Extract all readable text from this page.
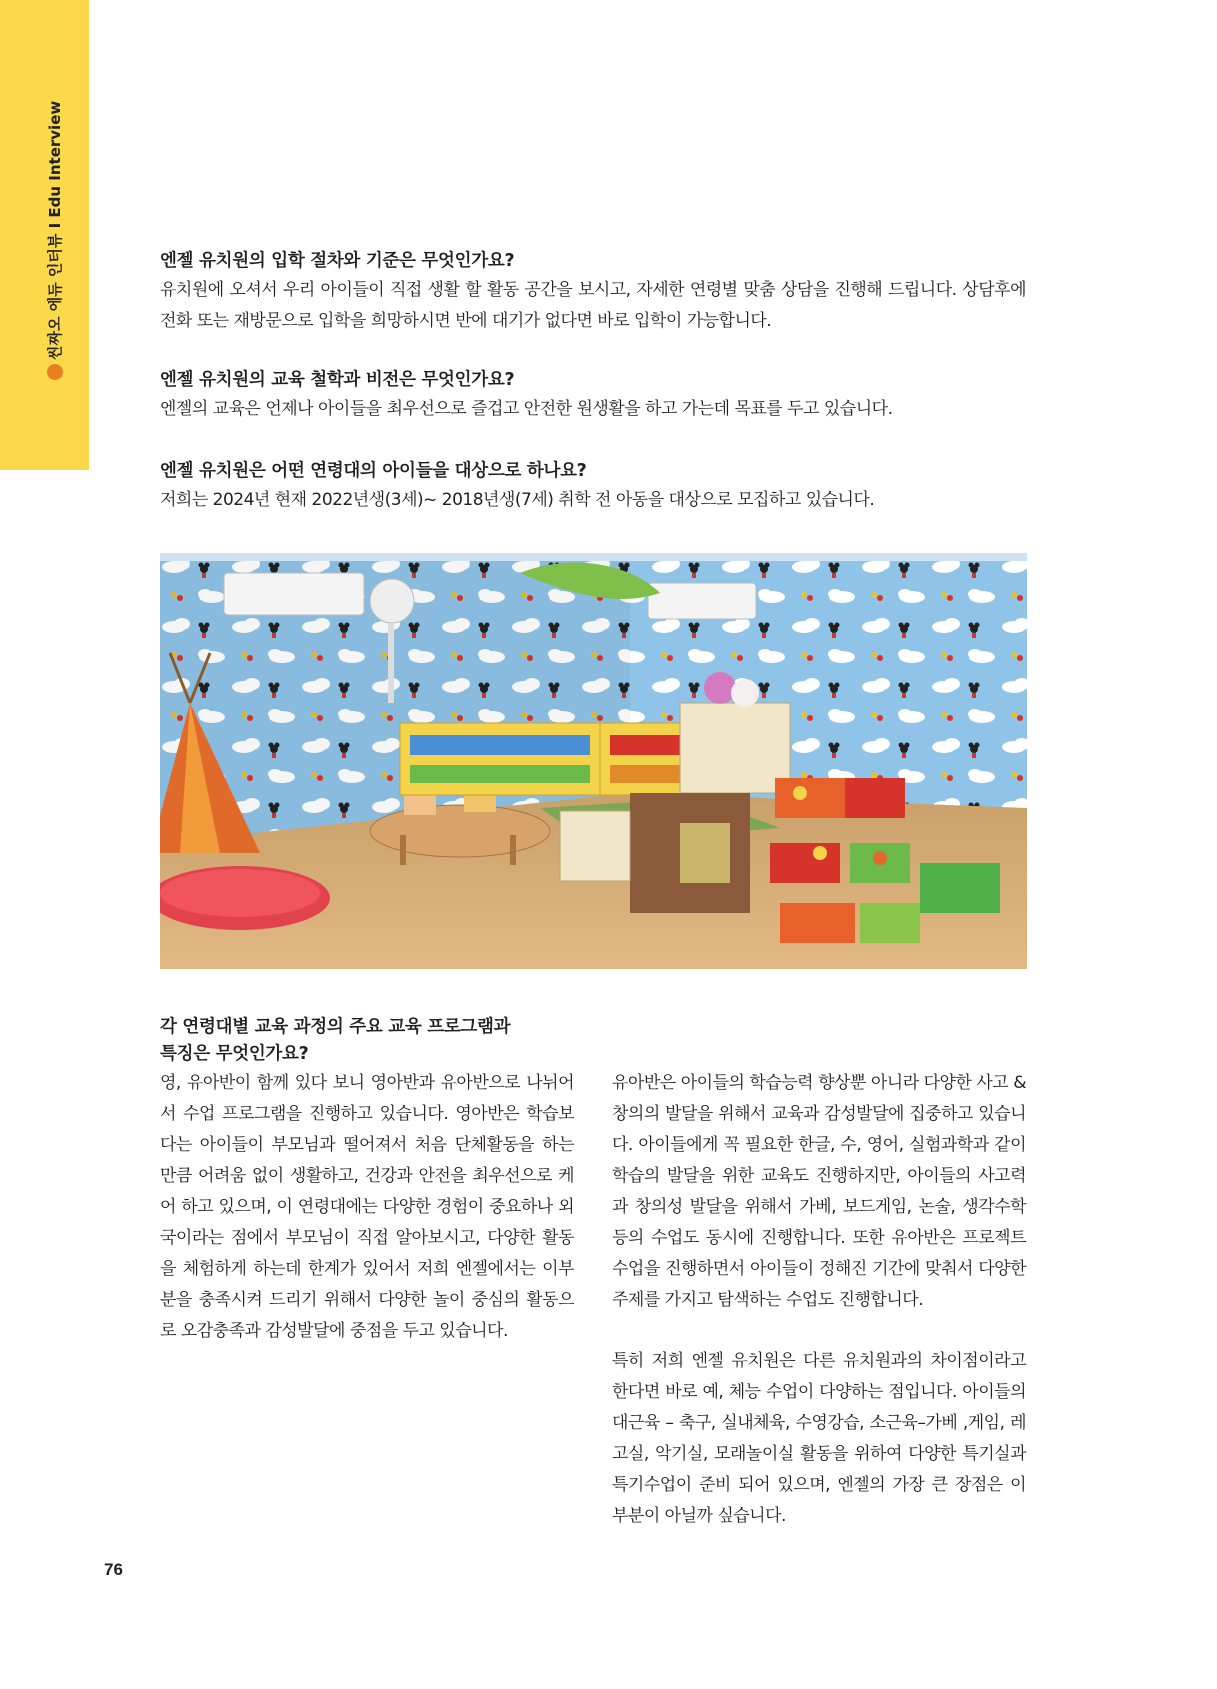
씬짜오 에듀 인터뷰 I Edu Interview	엔젤 유치원의 입학 절차와 기준은 무엇인가요?

유치원에 오셔서 우리 아이들이 직접 생활 할 활동 공간을 보시고, 자세한 연령별 맞춤 상담을 진행해 드립니다. 상담후에 전화 또는 재방문으로 입학을 희망하시면 반에 대기가 없다면 바로 입학이 가능합니다.

엔젤 유치원의 교육 철학과 비전은 무엇인가요?

엔젤의 교육은 언제나 아이들을 최우선으로 즐겁고 안전한 원생활을 하고 가는데 목표를 두고 있습니다.

엔젤 유치원은 어떤 연령대의 아이들을 대상으로 하나요?

저희는 2024년 현재 2022년생(3세)~ 2018년생(7세) 취학 전 아동을 대상으로 모집하고 있습니다.

각 연령대별 교육 과정의 주요 교육 프로그램과
특징은 무엇인가요?

영, 유아반이 함께 있다 보니 영아반과 유아반으로 나뉘어서 수업 프로그램을 진행하고 있습니다. 영아반은 학습보다는 아이들이 부모님과 떨어져서 처음 단체활동을 하는 만큼 어려움 없이 생활하고, 건강과 안전을 최우선으로 케어 하고 있으며, 이 연령대에는 다양한 경험이 중요하나 외국이라는 점에서 부모님이 직접 알아보시고, 다양한 활동을 체험하게 하는데 한계가 있어서 저희 엔젤에서는 이부분을 충족시켜 드리기 위해서 다양한 놀이 중심의 활동으로 오감충족과 감성발달에 중점을 두고 있습니다.

유아반은 아이들의 학습능력 향상뿐 아니라 다양한 사고 &창의의 발달을 위해서 교육과 감성발달에 집중하고 있습니다. 아이들에게 꼭 필요한 한글, 수, 영어, 실험과학과 같이 학습의 발달을 위한 교육도 진행하지만, 아이들의 사고력과 창의성 발달을 위해서 가베, 보드게임, 논술, 생각수학 등의 수업도 동시에 진행합니다. 또한 유아반은 프로젝트 수업을 진행하면서 아이들이 정해진 기간에 맞춰서 다양한 주제를 가지고 탐색하는 수업도 진행합니다.

특히 저희 엔젤 유치원은 다른 유치원과의 차이점이라고 한다면 바로 예, 체능 수업이 다양하는 점입니다. 아이들의 대근육 – 축구, 실내체육, 수영강습, 소근육–가베 ,게임, 레고실, 악기실, 모래놀이실 활동을 위하여 다양한 특기실과 특기수업이 준비 되어 있으며, 엔젤의 가장 큰 장점은 이 부분이 아닐까 싶습니다.

76
